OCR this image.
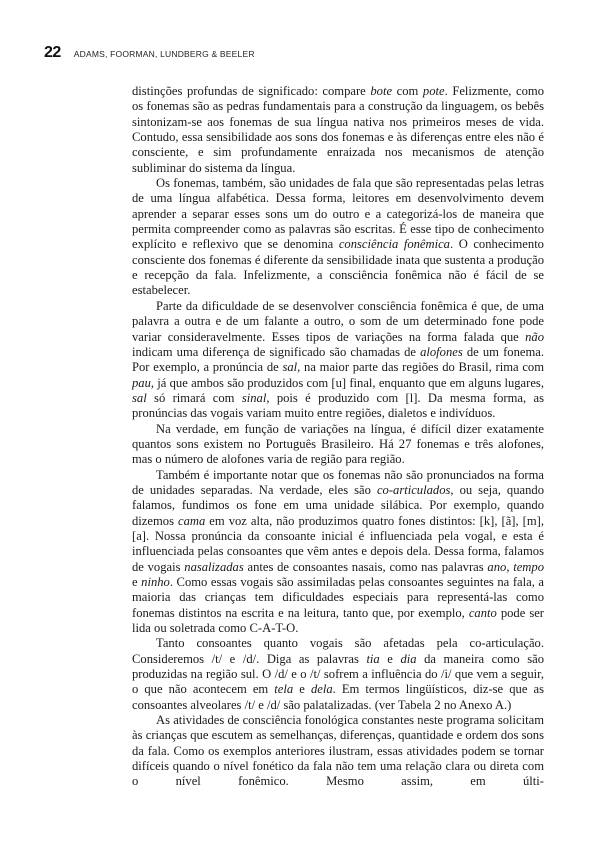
22 ADAMS, FOORMAN, LUNDBERG & BEELER

distinções profundas de significado: compare bote com pote. Felizmente, como os fonemas são as pedras fundamentais para a construção da linguagem, os bebês sintonizam-se aos fonemas de sua língua nativa nos primeiros meses de vida. Contudo, essa sensibilidade aos sons dos fonemas e às diferenças entre eles não é consciente, e sim profundamente enraizada nos mecanismos de atenção subliminar do sistema da língua.

Os fonemas, também, são unidades de fala que são representadas pelas letras de uma língua alfabética. Dessa forma, leitores em desenvolvimento devem aprender a separar esses sons um do outro e a categorizá-los de maneira que permita compreender como as palavras são escritas. É esse tipo de conhecimento explícito e reflexivo que se denomina consciência fonêmica. O conhecimento consciente dos fonemas é diferente da sensibilidade inata que sustenta a produção e recepção da fala. Infelizmente, a consciência fonêmica não é fácil de se estabelecer.

Parte da dificuldade de se desenvolver consciência fonêmica é que, de uma palavra a outra e de um falante a outro, o som de um determinado fone pode variar consideravelmente. Esses tipos de variações na forma falada que não indicam uma diferença de significado são chamadas de alofones de um fonema. Por exemplo, a pronúncia de sal, na maior parte das regiões do Brasil, rima com pau, já que ambos são produzidos com [u] final, enquanto que em alguns lugares, sal só rimará com sinal, pois é produzido com [l]. Da mesma forma, as pronúncias das vogais variam muito entre regiões, dialetos e indivíduos.

Na verdade, em função de variações na língua, é difícil dizer exatamente quantos sons existem no Português Brasileiro. Há 27 fonemas e três alofones, mas o número de alofones varia de região para região.

Também é importante notar que os fonemas não são pronunciados na forma de unidades separadas. Na verdade, eles são co-articulados, ou seja, quando falamos, fundimos os fone em uma unidade silábica. Por exemplo, quando dizemos cama em voz alta, não produzimos quatro fones distintos: [k], [ã], [m], [a]. Nossa pronúncia da consoante inicial é influenciada pela vogal, e esta é influenciada pelas consoantes que vêm antes e depois dela. Dessa forma, falamos de vogais nasalizadas antes de consoantes nasais, como nas palavras ano, tempo e ninho. Como essas vogais são assimiladas pelas consoantes seguintes na fala, a maioria das crianças tem dificuldades especiais para representá-las como fonemas distintos na escrita e na leitura, tanto que, por exemplo, canto pode ser lida ou soletrada como C-A-T-O.

Tanto consoantes quanto vogais são afetadas pela co-articulação. Consideremos /t/ e /d/. Diga as palavras tia e dia da maneira como são produzidas na região sul. O /d/ e o /t/ sofrem a influência do /i/ que vem a seguir, o que não acontecem em tela e dela. Em termos lingüísticos, diz-se que as consoantes alveolares /t/ e /d/ são palatalizadas. (ver Tabela 2 no Anexo A.)

As atividades de consciência fonológica constantes neste programa solicitam às crianças que escutem as semelhanças, diferenças, quantidade e ordem dos sons da fala. Como os exemplos anteriores ilustram, essas atividades podem se tornar difíceis quando o nível fonético da fala não tem uma relação clara ou direta com o nível fonêmico. Mesmo assim, em últi-
